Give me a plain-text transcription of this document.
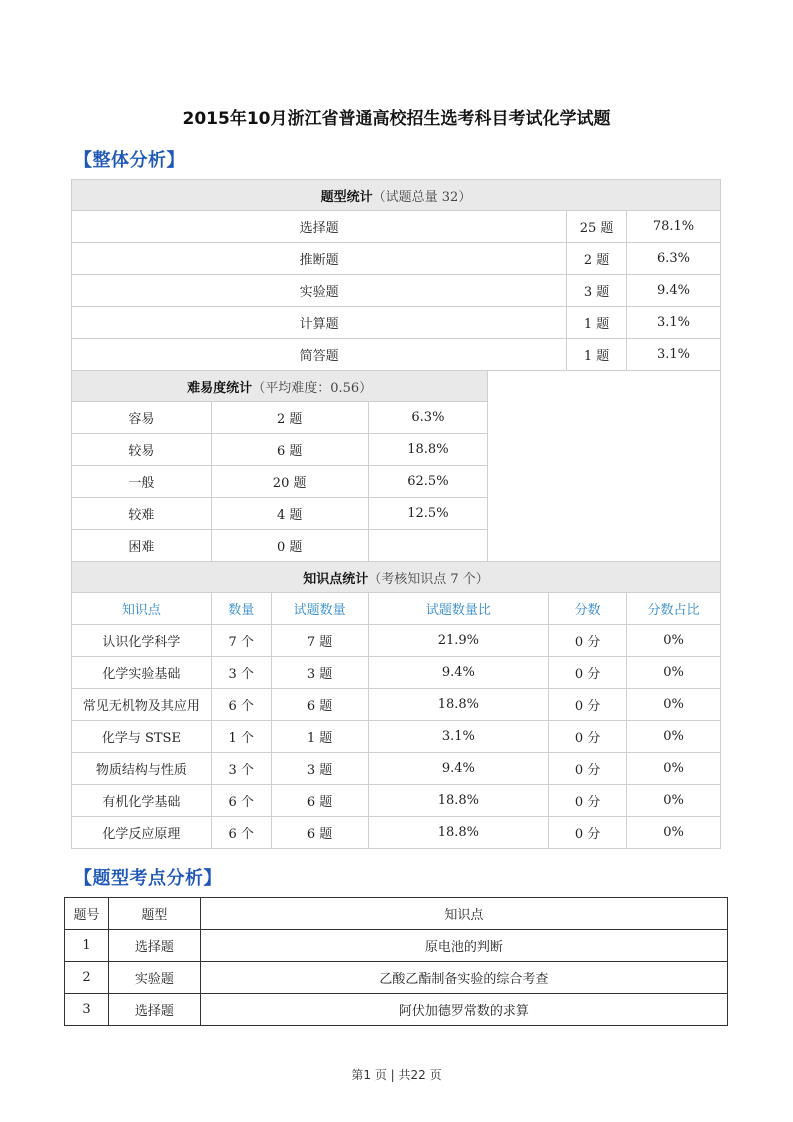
2015年10月浙江省普通高校招生选考科目考试化学试题
【整体分析】
题型统计（试题总量 32）							
选择题						25 题	78.1%
推断题						2 题	6.3%
实验题						3 题	9.4%
计算题						1 题	3.1%
简答题						1 题	3.1%
难易度统计（平均难度：0.56）							
容易	2 题		6.3%				
较易	6 题		18.8%				
一般	20 题		62.5%				
较难	4 题		12.5%				
困难	0 题						
知识点统计（考核知识点 7 个）							
知识点	数量	试题数量	试题数量比		分数		分数占比
认识化学科学	7 个	7 题	21.9%		0 分		0%
化学实验基础	3 个	3 题	9.4%		0 分		0%
常见无机物及其应用	6 个	6 题	18.8%		0 分		0%
化学与 STSE	1 个	1 题	3.1%		0 分		0%
物质结构与性质	3 个	3 题	9.4%		0 分		0%
有机化学基础	6 个	6 题	18.8%		0 分		0%
化学反应原理	6 个	6 题	18.8%		0 分		0%
【题型考点分析】
题号	题型	知识点
1	选择题	原电池的判断
2	实验题	乙酸乙酯制备实验的综合考查
3	选择题	阿伏加德罗常数的求算
第1 页 | 共22 页
